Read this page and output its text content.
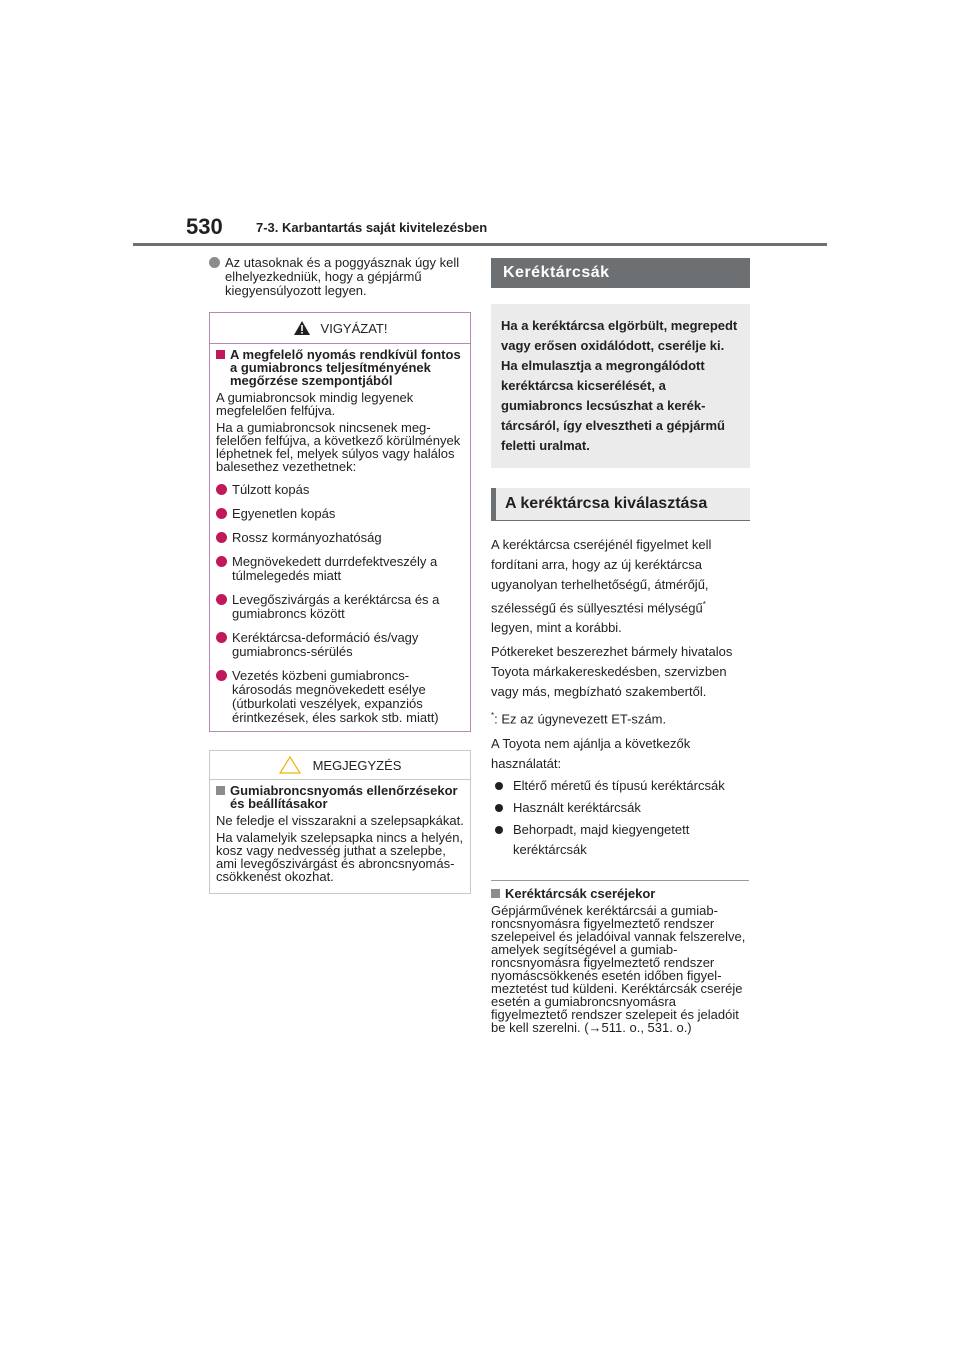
530	7-3. Karbantartás saját kivitelezésben
Az utasoknak és a poggyásznak úgy kell elhelyezkedniük, hogy a gépjármű kiegyensúlyozott legyen.
VIGYÁZAT!
A megfelelő nyomás rendkívül fontos a gumiabroncs teljesítményének megőrzése szempontjából

A gumiabroncsok mindig legyenek megfelelően felfújva.

Ha a gumiabroncsok nincsenek megfelelően felfújva, a következő körülmények léphetnek fel, melyek súlyos vagy halálos balesethez vezethetnek:

Túlzott kopás
Egyenetlen kopás
Rossz kormányozhatóság
Megnövekedett durrdefektveszély a túlmelegedés miatt
Levegőszivárgás a keréktárcsa és a gumiabroncs között
Keréktárcsa-deformáció és/vagy gumiabroncs-sérülés
Vezetés közbeni gumiabroncskárosodás megnövekedett esélye (útburkolati veszélyek, expanziós érintkezések, éles sarkok stb. miatt)
MEGJEGYZÉS
Gumiabroncsnyomás ellenőrzésekor és beállításakor

Ne feledje el visszarakni a szelepsapkákat.

Ha valamelyik szelepsapka nincs a helyén, kosz vagy nedvesség juthat a szelepbe, ami levegőszivárgást és abroncsnyomás-csökkenést okozhat.

Keréktárcsák
Ha a keréktárcsa elgörbült, megrepedt vagy erősen oxidálódott, cserélje ki. Ha elmulasztja a megrongálódott keréktárcsa kicserélését, a gumiabroncs lecsúszhat a keréktárcsáról, így elvesztheti a gépjármű feletti uralmat.
A keréktárcsa kiválasztása

A keréktárcsa cseréjénél figyelmet kell fordítani arra, hogy az új keréktárcsa ugyanolyan terhelhetőségű, átmérőjű, szélességű és süllyesztési mélységű* legyen, mint a korábbi.

Pótkereket beszerezhet bármely hivatalos Toyota márkakereskedésben, szervizben vagy más, megbízható szakembertől.

*: Ez az úgynevezett ET-szám.

A Toyota nem ajánlja a következők használatát:

Eltérő méretű és típusú keréktárcsák
Használt keréktárcsák
Behorpadt, majd kiegyengetett keréktárcsák
Keréktárcsák cseréjekor

Gépjárművének keréktárcsái a gumiabroncsnyomásra figyelmeztető rendszer szelepeivel és jeladóival vannak felszerelve, amelyek segítségével a gumiabroncsnyomásra figyelmeztető rendszer nyomáscsökkenés esetén időben figyelmeztetést tud küldeni. Keréktárcsák cseréje esetén a gumiabroncsnyomásra figyelmeztető rendszer szelepeit és jeladóit be kell szerelni. (→511. o., 531. o.)
